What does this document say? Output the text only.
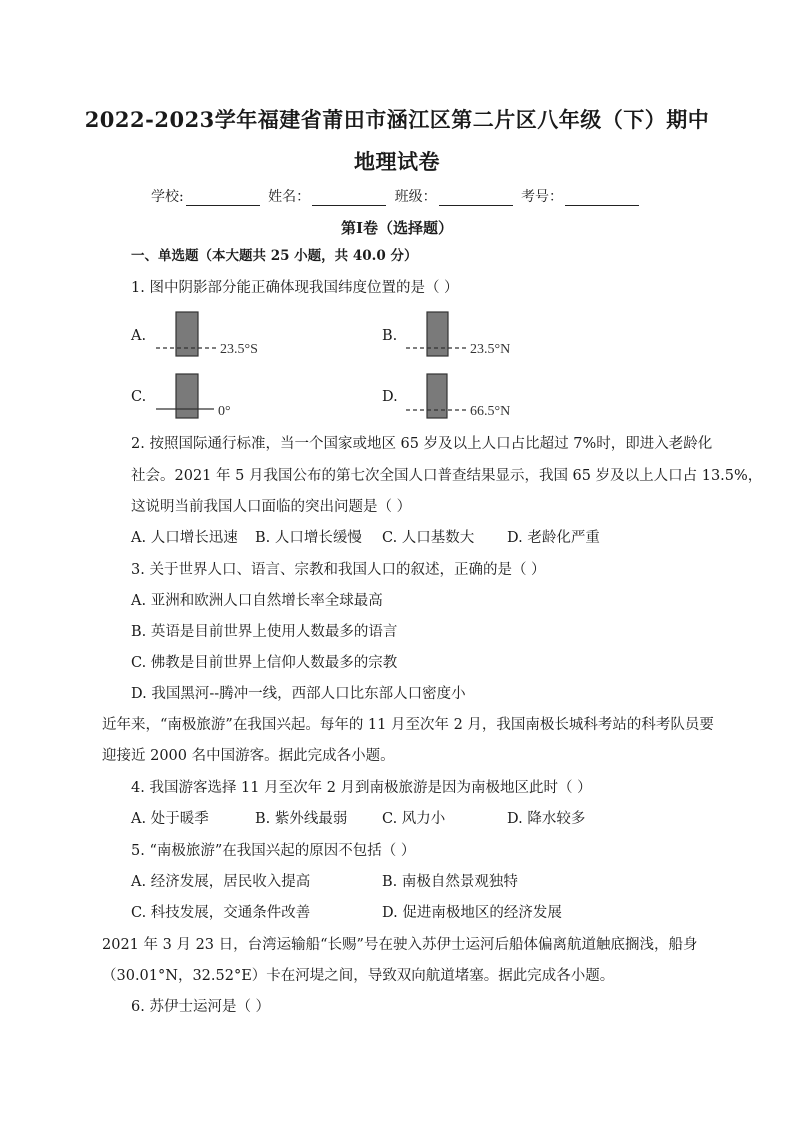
2022-2023学年福建省莆田市涵江区第二片区八年级（下）期中
地理试卷
学校:	姓名：	班级：	考号：
第I卷（选择题）
一、单选题（本大题共 25 小题，共 40.0 分）
1. 图中阴影部分能正确体现我国纬度位置的是（ ）
A.
23.5°S
B.
23.5°N
C.
0°
D.
66.5°N
2. 按照国际通行标准，当一个国家或地区 65 岁及以上人口占比超过 7%时，即进入老龄化
社会。2021 年 5 月我国公布的第七次全国人口普查结果显示，我国 65 岁及以上人口占 13.5%，
这说明当前我国人口面临的突出问题是（ ）
A. 人口增长迅速 B. 人口增长缓慢 C. 人口基数大 D. 老龄化严重
3. 关于世界人口、语言、宗教和我国人口的叙述，正确的是（ ）
A. 亚洲和欧洲人口自然增长率全球最高
B. 英语是目前世界上使用人数最多的语言
C. 佛教是目前世界上信仰人数最多的宗教
D. 我国黑河--腾冲一线，西部人口比东部人口密度小
近年来，“南极旅游”在我国兴起。每年的 11 月至次年 2 月，我国南极长城科考站的科考队员要
迎接近 2000 名中国游客。据此完成各小题。
4. 我国游客选择 11 月至次年 2 月到南极旅游是因为南极地区此时（ ）
A. 处于暖季	B. 紫外线最弱 C. 风力小	D. 降水较多
5. “南极旅游”在我国兴起的原因不包括（ ）
A. 经济发展，居民收入提高	B. 南极自然景观独特
C. 科技发展，交通条件改善	D. 促进南极地区的经济发展
2021 年 3 月 23 日，台湾运输船“长赐”号在驶入苏伊士运河后船体偏离航道触底搁浅，船身
（30.01°N，32.52°E）卡在河堤之间，导致双向航道堵塞。据此完成各小题。
6. 苏伊士运河是（ ）
